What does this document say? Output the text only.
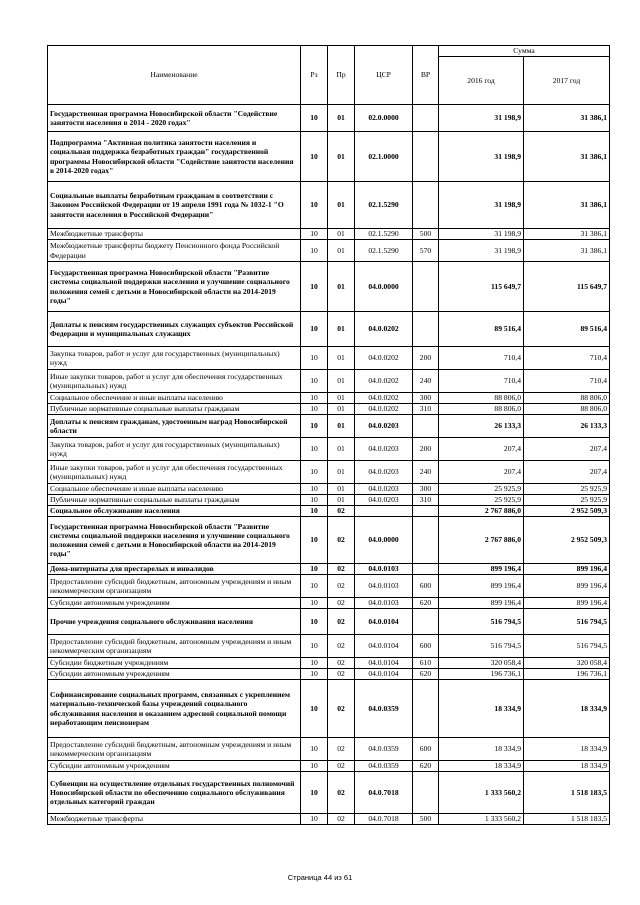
Наименование	Рз	Пр	ЦСР	ВР	Сумма	
					2016 год	2017 год
Государственная программа Новосибирской области "Содействие занятости населения в 2014 - 2020 годах"	10	01	02.0.0000		31 198,9	31 386,1
Подпрограмма "Активная политика занятости населения и социальная поддержка безработных граждан" государственной программы Новосибирской области "Содействие занятости населения в 2014-2020 годах"	10	01	02.1.0000		31 198,9	31 386,1
Социальные выплаты безработным гражданам в соответствии с Законом Российской Федерации от 19 апреля 1991 года № 1032-1 "О занятости населения в Российской Федерации"	10	01	02.1.5290		31 198,9	31 386,1
Межбюджетные трансферты	10	01	02.1.5290	500	31 198,9	31 386,1
Межбюджетные трансферты бюджету Пенсионного фонда Российской Федерации	10	01	02.1.5290	570	31 198,9	31 386,1
Государственная программа Новосибирской области "Развитие системы социальной поддержки населения и улучшение социального положения семей с детьми в Новосибирской области на 2014-2019 годы"	10	01	04.0.0000		115 649,7	115 649,7
Доплаты к пенсиям государственных служащих субъектов Российской Федерации и муниципальных служащих	10	01	04.0.0202		89 516,4	89 516,4
Закупка товаров, работ и услуг для государственных (муниципальных) нужд	10	01	04.0.0202	200	710,4	710,4
Иные закупки товаров, работ и услуг для обеспечения государственных (муниципальных) нужд	10	01	04.0.0202	240	710,4	710,4
Социальное обеспечение и иные выплаты населению	10	01	04.0.0202	300	88 806,0	88 806,0
Публичные нормативные социальные выплаты гражданам	10	01	04.0.0202	310	88 806,0	88 806,0
Доплаты к пенсиям гражданам, удостоенным наград Новосибирской области	10	01	04.0.0203		26 133,3	26 133,3
Закупка товаров, работ и услуг для государственных (муниципальных) нужд	10	01	04.0.0203	200	207,4	207,4
Иные закупки товаров, работ и услуг для обеспечения государственных (муниципальных) нужд	10	01	04.0.0203	240	207,4	207,4
Социальное обеспечение и иные выплаты населению	10	01	04.0.0203	300	25 925,9	25 925,9
Публичные нормативные социальные выплаты гражданам	10	01	04.0.0203	310	25 925,9	25 925,9
Социальное обслуживание населения	10	02			2 767 886,0	2 952 509,3
Государственная программа Новосибирской области "Развитие системы социальной поддержки населения и улучшение социального положения семей с детьми в Новосибирской области на 2014-2019 годы"	10	02	04.0.0000		2 767 886,0	2 952 509,3
Дома-интернаты для престарелых и инвалидов	10	02	04.0.0103		899 196,4	899 196,4
Предоставление субсидий бюджетным, автономным учреждениям и иным некоммерческим организациям	10	02	04.0.0103	600	899 196,4	899 196,4
Субсидии автономным учреждениям	10	02	04.0.0103	620	899 196,4	899 196,4
Прочие учреждения социального обслуживания населения	10	02	04.0.0104		516 794,5	516 794,5
Предоставление субсидий бюджетным, автономным учреждениям и иным некоммерческим организациям	10	02	04.0.0104	600	516 794,5	516 794,5
Субсидии бюджетным учреждениям	10	02	04.0.0104	610	320 058,4	320 058,4
Субсидии автономным учреждениям	10	02	04.0.0104	620	196 736,1	196 736,1
Софинансирование социальных программ, связанных с укреплением материально-технической базы учреждений социального обслуживания населения и оказанием адресной социальной помощи неработающим пенсионерам	10	02	04.0.0359		18 334,9	18 334,9
Предоставление субсидий бюджетным, автономным учреждениям и иным некоммерческим организациям	10	02	04.0.0359	600	18 334,9	18 334,9
Субсидии автономным учреждениям	10	02	04.0.0359	620	18 334,9	18 334,9
Субвенции на осуществление отдельных государственных полномочий Новосибирской области по обеспечению социального обслуживания отдельных категорий граждан	10	02	04.0.7018		1 333 560,2	1 518 183,5
Межбюджетные трансферты	10	02	04.0.7018	500	1 333 560,2	1 518 183,5
Страница 44 из 61
